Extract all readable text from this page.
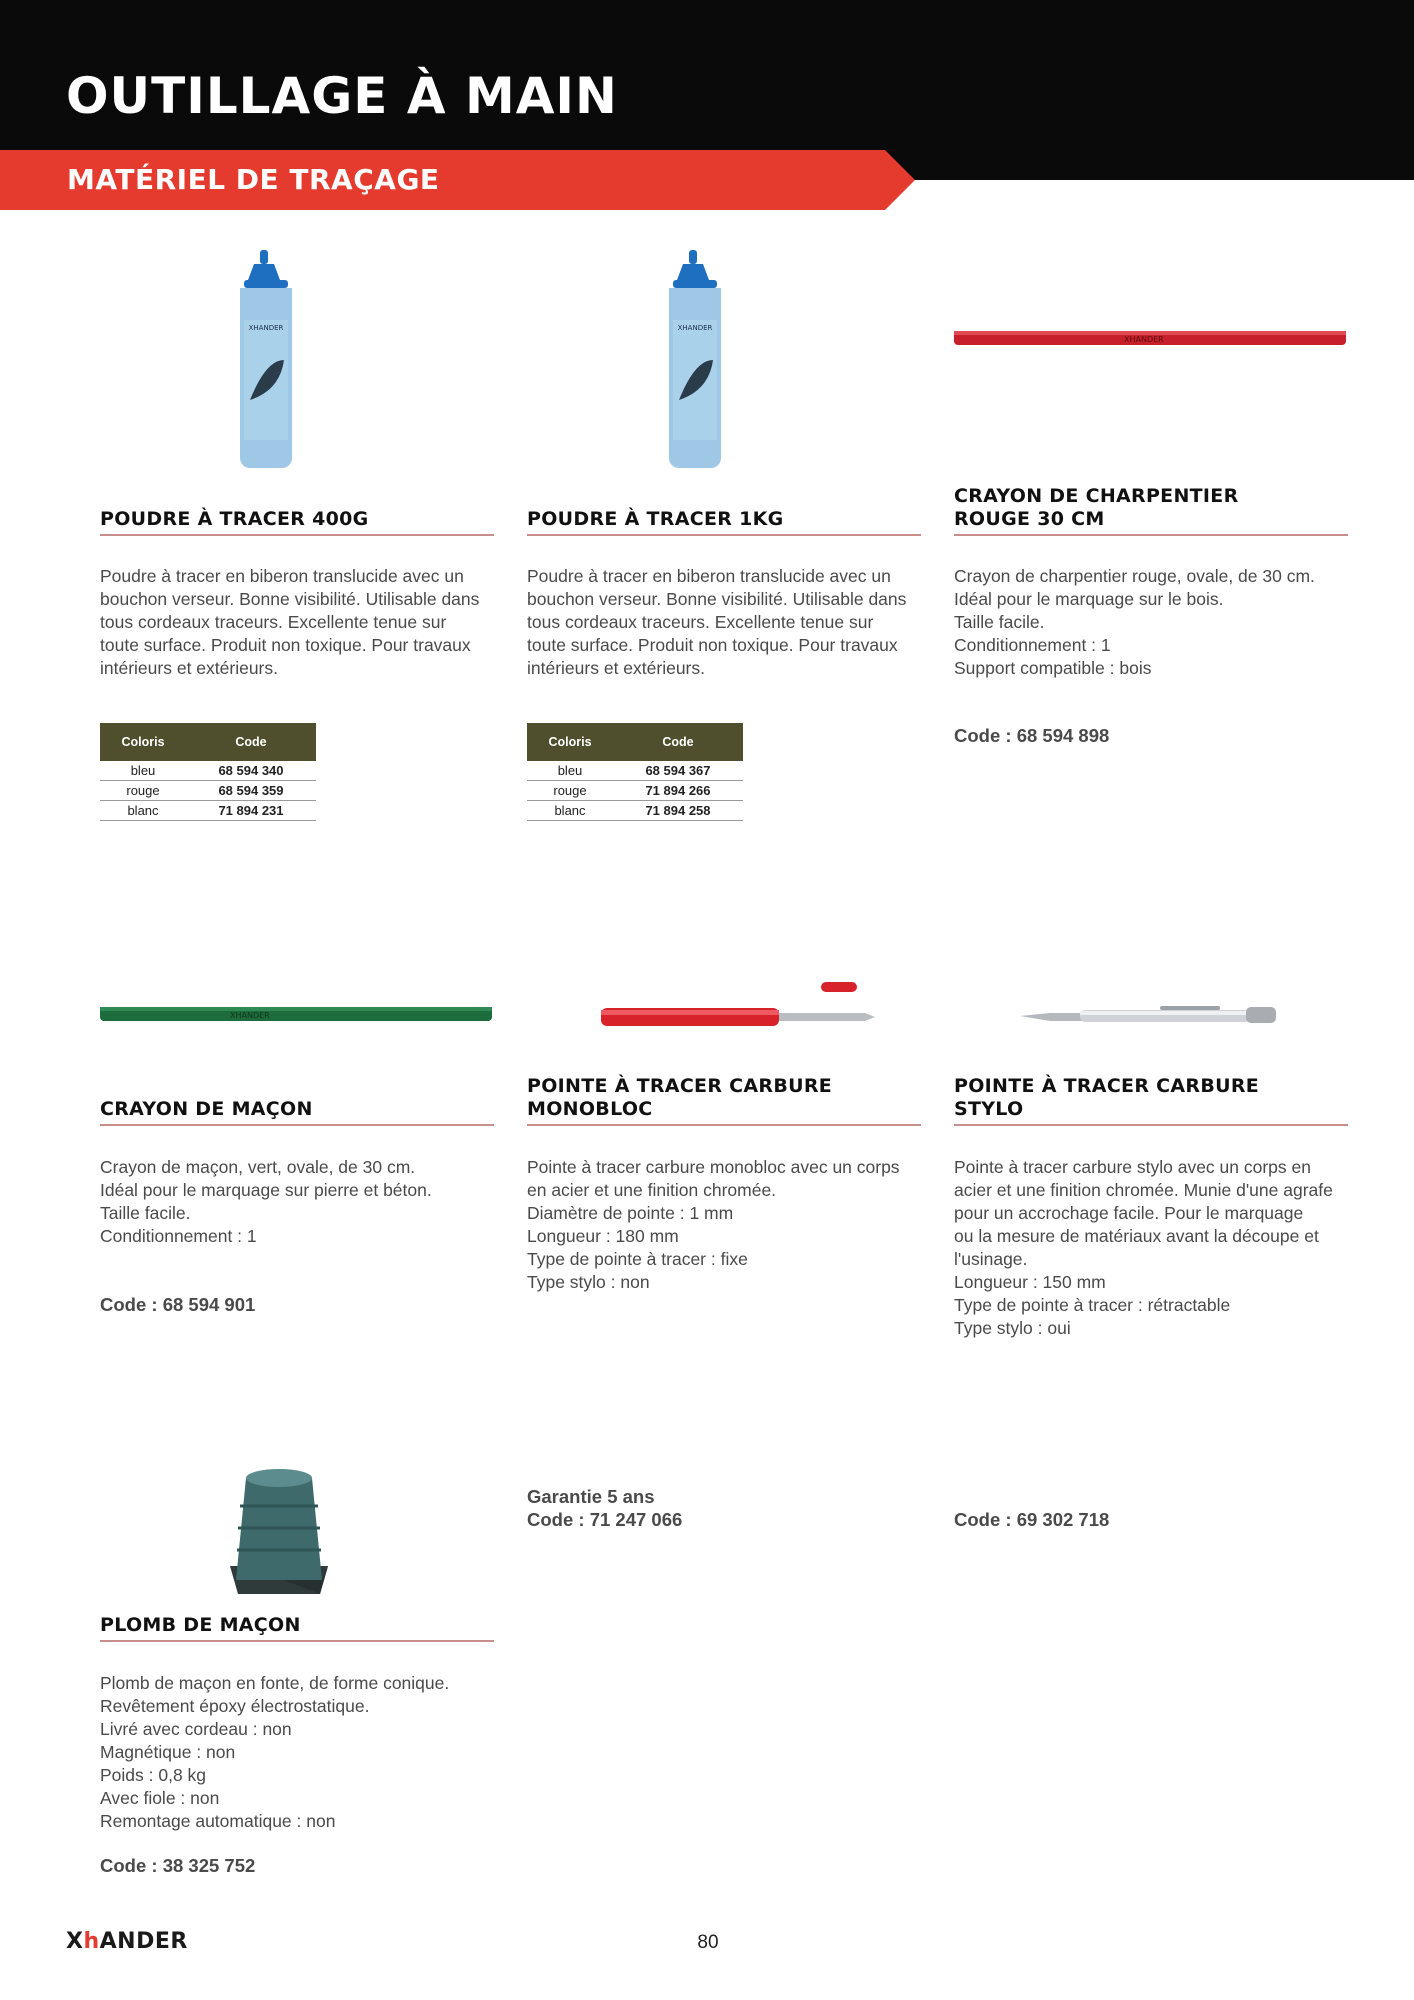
OUTILLAGE À MAIN
MATÉRIEL DE TRAÇAGE
XHANDER
POUDRE À TRACER 400G

Poudre à tracer en biberon translucide avec un
bouchon verseur. Bonne visibilité. Utilisable dans
tous cordeaux traceurs. Excellente tenue sur
toute surface. Produit non toxique. Pour travaux
intérieurs et extérieurs.

Coloris	Code
bleu	68 594 340
rouge	68 594 359
blanc	71 894 231
XHANDER
POUDRE À TRACER 1KG

Poudre à tracer en biberon translucide avec un
bouchon verseur. Bonne visibilité. Utilisable dans
tous cordeaux traceurs. Excellente tenue sur
toute surface. Produit non toxique. Pour travaux
intérieurs et extérieurs.

Coloris	Code
bleu	68 594 367
rouge	71 894 266
blanc	71 894 258
XHANDER
CRAYON DE CHARPENTIER
ROUGE 30 CM

Crayon de charpentier rouge, ovale, de 30 cm.
Idéal pour le marquage sur le bois.
Taille facile.
Conditionnement : 1
Support compatible : bois

Code : 68 594 898

XHANDER
CRAYON DE MAÇON

Crayon de maçon, vert, ovale, de 30 cm.
Idéal pour le marquage sur pierre et béton.
Taille facile.
Conditionnement : 1

Code : 68 594 901

POINTE À TRACER CARBURE
MONOBLOC

Pointe à tracer carbure monobloc avec un corps
en acier et une finition chromée.
Diamètre de pointe : 1 mm
Longueur : 180 mm
Type de pointe à tracer : fixe
Type stylo : non

Garantie 5 ans
Code : 71 247 066

POINTE À TRACER CARBURE
STYLO

Pointe à tracer carbure stylo avec un corps en
acier et une finition chromée. Munie d'une agrafe
pour un accrochage facile. Pour le marquage
ou la mesure de matériaux avant la découpe et
l'usinage.
Longueur : 150 mm
Type de pointe à tracer : rétractable
Type stylo : oui

Code : 69 302 718

PLOMB DE MAÇON

Plomb de maçon en fonte, de forme conique.
Revêtement époxy électrostatique.
Livré avec cordeau : non
Magnétique : non
Poids : 0,8 kg
Avec fiole : non
Remontage automatique : non

Code : 38 325 752

XhANDER	80
